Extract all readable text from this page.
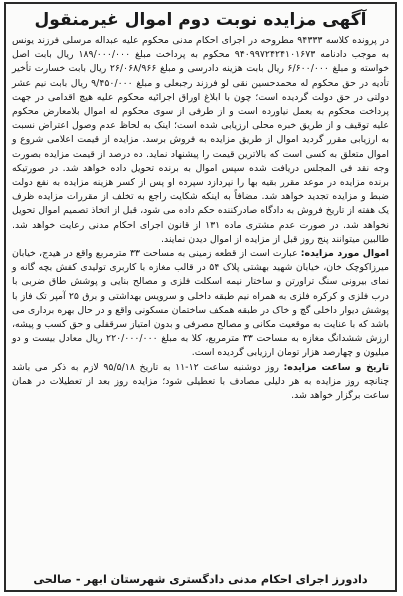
آگهی مزایده نوبت دوم اموال غیرمنقول

در پرونده کلاسه ۹۴۳۳۳ مطروحه در اجرای احکام مدنی محکوم علیه عبداله مرسلی فرزند یونس به موجب دادنامه ۹۴۰۹۹۷۲۴۲۴۱۰۱۶۷۳ محکوم به پرداخت مبلغ ۱۸۹/۰۰۰/۰۰۰ ریال بابت اصل خواسته و مبلغ ۶/۶۰۰/۰۰۰ ریال بابت هزینه دادرسی و مبلغ ۲۶/۰۶۸/۹۶۶ ریال بابت خسارت تأخیر تأدیه در حق محکوم له محمدحسین نقی لو فرزند رجبعلی و مبلغ ۹/۴۵۰/۰۰۰ ریال بابت نیم عشر دولتی در حق دولت گردیده است؛ چون با ابلاغ اوراق اجرائیه محکوم علیه هیچ اقدامی در جهت پرداخت محکوم به بعمل نیاورده است و از طرفی از سوی محکوم له اموال بلامعارض محکوم علیه توقیف و از طریق خبره محلی ارزیابی شده است؛ اینک به لحاظ عدم وصول اعتراض نسبت به ارزیابی مقرر گردید اموال از طریق مزایده به فروش برسد. مزایده از قیمت اعلامی شروع و اموال متعلق به کسی است که بالاترین قیمت را پیشنهاد نماید. ده درصد از قیمت مزایده بصورت وجه نقد فی المجلس دریافت شده سپس اموال به برنده تحویل داده خواهد شد. در صورتیکه برنده مزایده در موعد مقرر بقیه بها را نپردازد سپرده او پس از کسر هزینه مزایده به نفع دولت ضبط و مزایده تجدید خواهد شد. مضافاً به اینکه شکایت راجع به تخلف از مقررات مزایده ظرف یک هفته از تاریخ فروش به دادگاه صادرکننده حکم داده می شود، قبل از اتخاذ تصمیم اموال تحویل نخواهد شد. در صورت عدم مشتری ماده ۱۳۱ از قانون اجرای احکام مدنی رعایت خواهد شد. طالبین میتوانند پنج روز قبل از مزایده از اموال دیدن نمایند.

اموال مورد مزایده: عبارت است از قطعه زمینی به مساحت ۳۳ مترمربع واقع در هیدج، خیابان میرزاکوچک خان، خیابان شهید بهشتی پلاک ۵۴ در قالب مغازه با کاربری تولیدی کفش بچه گانه و نمای بیرونی سنگ تراورتن و ساختار نیمه اسکلت فلزی و مصالح بنایی و پوشش طاق ضربی با درب فلزی و کرکره فلزی به همراه نیم طبقه داخلی و سرویس بهداشتی و برق ۲۵ آمپر تک فاز با پوشش دیوار داخلی گچ و خاک در طبقه همکف ساختمان مسکونی واقع و در حال بهره برداری می باشد که با عنایت به موقعیت مکانی و مصالح مصرفی و بدون امتیاز سرقفلی و حق کسب و پیشه، ارزش ششدانگ مغازه به مساحت ۳۳ مترمربع، کلا به مبلغ ۲۲۰/۰۰۰/۰۰۰ ریال معادل بیست و دو میلیون و چهارصد هزار تومان ارزیابی گردیده است.

تاریخ و ساعت مزایده: روز دوشنبه ساعت ۱۲-۱۱ به تاریخ ۹۵/۵/۱۸ لازم به ذکر می باشد چنانچه روز مزایده به هر دلیلی مصادف با تعطیلی شود؛ مزایده روز بعد از تعطیلات در همان ساعت برگزار خواهد شد.

دادورز اجرای احکام مدنی دادگستری شهرستان ابهر - صالحی
